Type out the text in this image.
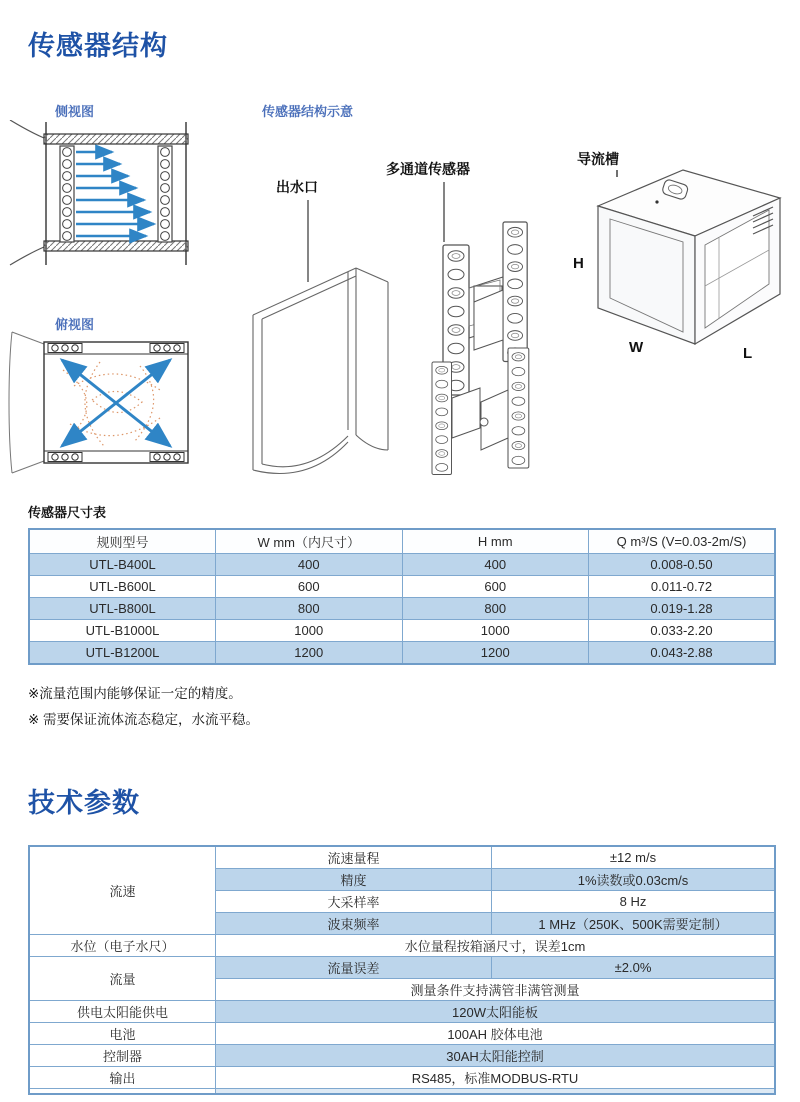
传感器结构
侧视图	传感器结构示意
俯视图
出水口
多通道传感器
导流槽
H
W	L
传感器尺寸表
规则型号	W mm（内尺寸）	H mm	Q m³/S (V=0.03-2m/S)
UTL-B400L	400	400	0.008-0.50
UTL-B600L	600	600	0.011-0.72
UTL-B800L	800	800	0.019-1.28
UTL-B1000L	1000	1000	0.033-2.20
UTL-B1200L	1200	1200	0.043-2.88
※流量范围内能够保证一定的精度。
※ 需要保证流体流态稳定，水流平稳。
技术参数
流速	流速量程	±12 m/s
	精度	1%读数或0.03cm/s
	大采样率	8 Hz
	波束频率	1 MHz（250K、500K需要定制）
水位（电子水尺）	水位量程按箱涵尺寸，误差1cm	
流量	流量误差	±2.0%
	测量条件支持满管非满管测量	
供电太阳能供电	120W太阳能板	
电池	100AH 胶体电池	
控制器	30AH太阳能控制	
输出	RS485，标准MODBUS-RTU	
